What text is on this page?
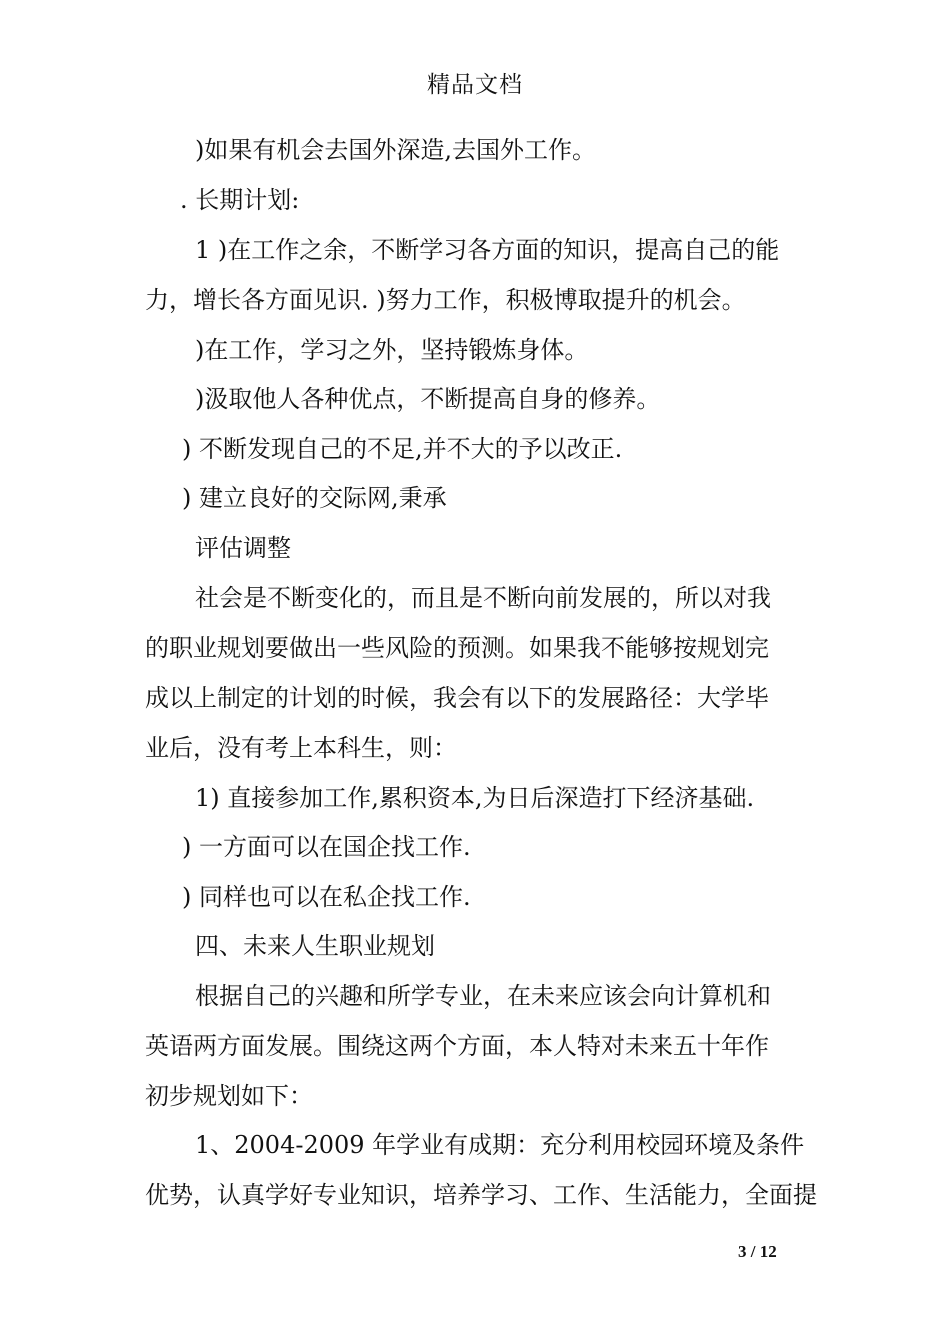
精品文档
)如果有机会去国外深造,去国外工作。
. 长期计划:
1 )在工作之余，不断学习各方面的知识，提高自己的能
力，增长各方面见识. )努力工作，积极博取提升的机会。
)在工作，学习之外，坚持锻炼身体。
)汲取他人各种优点，不断提高自身的修养。
) 不断发现自己的不足,并不大的予以改正.
) 建立良好的交际网,秉承
评估调整
社会是不断变化的，而且是不断向前发展的，所以对我
的职业规划要做出一些风险的预测。如果我不能够按规划完
成以上制定的计划的时候，我会有以下的发展路径：大学毕
业后，没有考上本科生，则：
1) 直接参加工作,累积资本,为日后深造打下经济基础.
) 一方面可以在国企找工作.
) 同样也可以在私企找工作.
四、未来人生职业规划
根据自己的兴趣和所学专业，在未来应该会向计算机和
英语两方面发展。围绕这两个方面，本人特对未来五十年作
初步规划如下：
1、2004-2009 年学业有成期：充分利用校园环境及条件
优势，认真学好专业知识，培养学习、工作、生活能力，全面提
3 / 12
